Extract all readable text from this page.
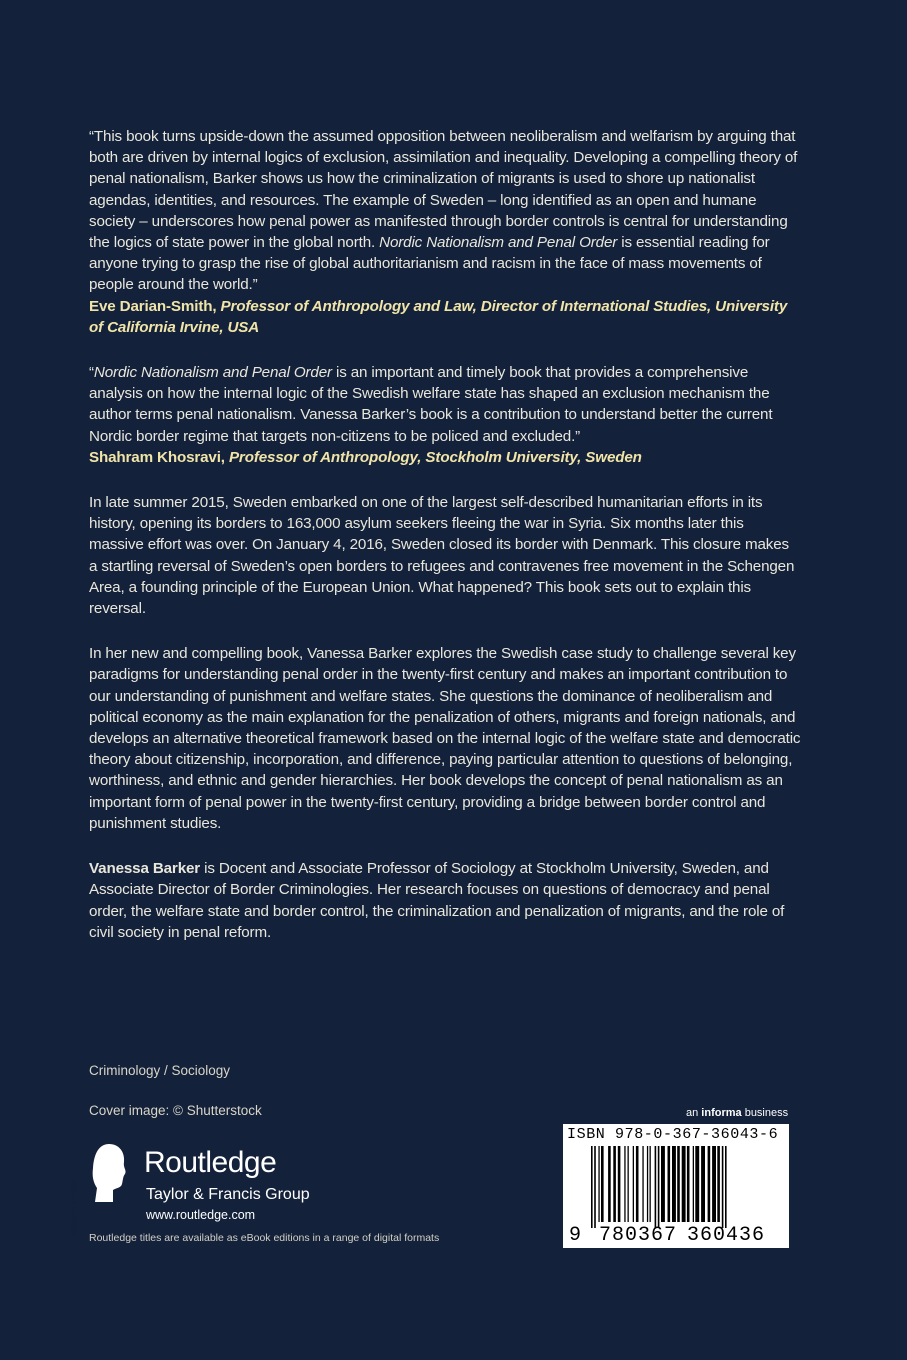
“This book turns upside-down the assumed opposition between neoliberalism and welfarism by arguing that both are driven by internal logics of exclusion, assimilation and inequality. Developing a compelling theory of penal nationalism, Barker shows us how the criminalization of migrants is used to shore up nationalist agendas, identities, and resources. The example of Sweden – long identified as an open and humane society – underscores how penal power as manifested through border controls is central for understanding the logics of state power in the global north. Nordic Nationalism and Penal Order is essential reading for anyone trying to grasp the rise of global authoritarianism and racism in the face of mass movements of people around the world.”
Eve Darian-Smith, Professor of Anthropology and Law, Director of International Studies, University of California Irvine, USA

“Nordic Nationalism and Penal Order is an important and timely book that provides a comprehensive analysis on how the internal logic of the Swedish welfare state has shaped an exclusion mechanism the author terms penal nationalism. Vanessa Barker’s book is a contribution to understand better the current Nordic border regime that targets non-citizens to be policed and excluded.”
Shahram Khosravi, Professor of Anthropology, Stockholm University, Sweden

In late summer 2015, Sweden embarked on one of the largest self-described humanitarian efforts in its history, opening its borders to 163,000 asylum seekers fleeing the war in Syria. Six months later this massive effort was over. On January 4, 2016, Sweden closed its border with Denmark. This closure makes a startling reversal of Sweden’s open borders to refugees and contravenes free movement in the Schengen Area, a founding principle of the European Union. What happened? This book sets out to explain this reversal.

In her new and compelling book, Vanessa Barker explores the Swedish case study to challenge several key paradigms for understanding penal order in the twenty-first century and makes an important contribution to our understanding of punishment and welfare states. She questions the dominance of neoliberalism and political economy as the main explanation for the penalization of others, migrants and foreign nationals, and develops an alternative theoretical framework based on the internal logic of the welfare state and democratic theory about citizenship, incorporation, and difference, paying particular attention to questions of belonging, worthiness, and ethnic and gender hierarchies. Her book develops the concept of penal nationalism as an important form of penal power in the twenty-first century, providing a bridge between border control and punishment studies.

Vanessa Barker is Docent and Associate Professor of Sociology at Stockholm University, Sweden, and Associate Director of Border Criminologies. Her research focuses on questions of democracy and penal order, the welfare state and border control, the criminalization and penalization of migrants, and the role of civil society in penal reform.

Criminology / Sociology
Cover image: © Shutterstock
ROUTLEDGE
Routledge
Taylor & Francis Group
www.routledge.com
Routledge titles are available as eBook editions in a range of digital formats
an informa business
ISBN 978-0-367-36043-6
9 780367 360436
